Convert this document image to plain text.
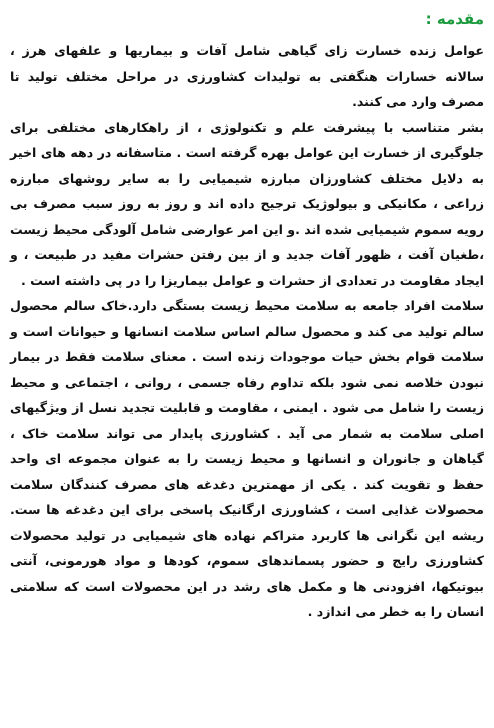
مقدمه :

عوامل زنده خسارت زای گیاهی شامل آفات و بیماریها و علفهای هرز ، سالانه خسارات هنگفتی به تولیدات کشاورزی در مراحل مختلف تولید تا مصرف وارد می کنند.

بشر متناسب با پیشرفت علم و تکنولوژی ، از راهکارهای مختلفی برای جلوگیری از خسارت این عوامل بهره گرفته است . متاسفانه در دهه های اخیر به دلایل مختلف کشاورزان مبارزه شیمیایی را به سایر روشهای مبارزه زراعی ، مکانیکی و بیولوژیک ترجیح داده اند و روز به روز سبب مصرف بی رویه سموم شیمیایی شده اند .و این امر عوارضی شامل آلودگی محیط زیست ،طغیان آفت ، ظهور آفات جدید و از بین رفتن حشرات مفید در طبیعت ، و ایجاد مقاومت در تعدادی از حشرات و عوامل بیماریزا را در پی داشته است .

سلامت افراد جامعه به سلامت محیط زیست بستگی دارد.خاک سالم محصول سالم تولید می کند و محصول سالم اساس سلامت انسانها و حیوانات است و سلامت قوام بخش حیات موجودات زنده است . معنای سلامت فقط در بیمار نبودن خلاصه نمی شود بلکه تداوم رفاه جسمی ، روانی ، اجتماعی و محیط زیست را شامل می شود . ایمنی ، مقاومت و قابلیت تجدید نسل از ویژگیهای اصلی سلامت به شمار می آید . کشاورزی پایدار می تواند سلامت خاک ، گیاهان و جانوران و انسانها و محیط زیست را به عنوان مجموعه ای واحد حفظ و تقویت کند . یکی از مهمترین دغدغه های مصرف کنندگان سلامت محصولات غذایی است ، کشاورزی ارگانیک پاسخی برای این دغدغه ها ست. ریشه این نگرانی ها کاربرد متراکم نهاده های شیمیایی در تولید محصولات کشاورزی رایج و حضور پسماندهای سموم، کودها و مواد هورمونی، آنتی بیوتیکها، افزودنی ها و مکمل های رشد در این محصولات است که سلامتی انسان را به خطر می اندازد .
